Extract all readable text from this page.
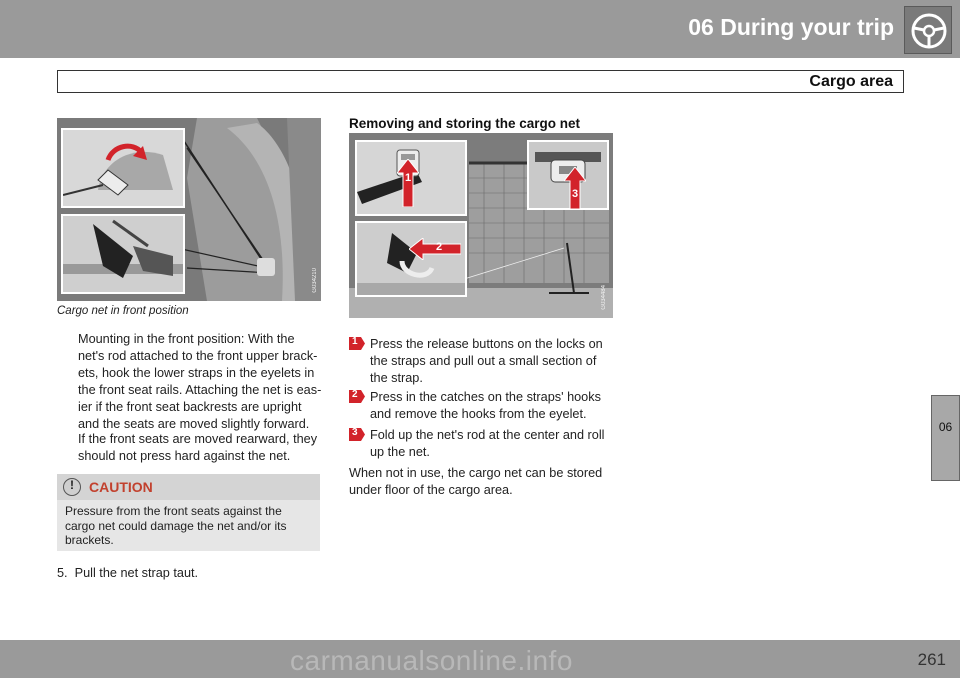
06 During your trip
Cargo area
G034210
Cargo net in front position

Mounting in the front position: With the net's rod attached to the front upper brackets, hook the lower straps in the eyelets in the front seat rails. Attaching the net is easier if the front seat backrests are upright and the seats are moved slightly forward.

If the front seats are moved rearward, they should not press hard against the net.

!	CAUTION

Pressure from the front seats against the cargo net could damage the net and/or its brackets.

5.  Pull the net strap taut.
Removing and storing the cargo net
1
2
3
G034484
1 Press the release buttons on the locks on the straps and pull out a small section of the strap.

2 Press in the catches on the straps' hooks and remove the hooks from the eyelet.

3 Fold up the net's rod at the center and roll up the net.

When not in use, the cargo net can be stored under floor of the cargo area.

06
261
carmanualsonline.info
